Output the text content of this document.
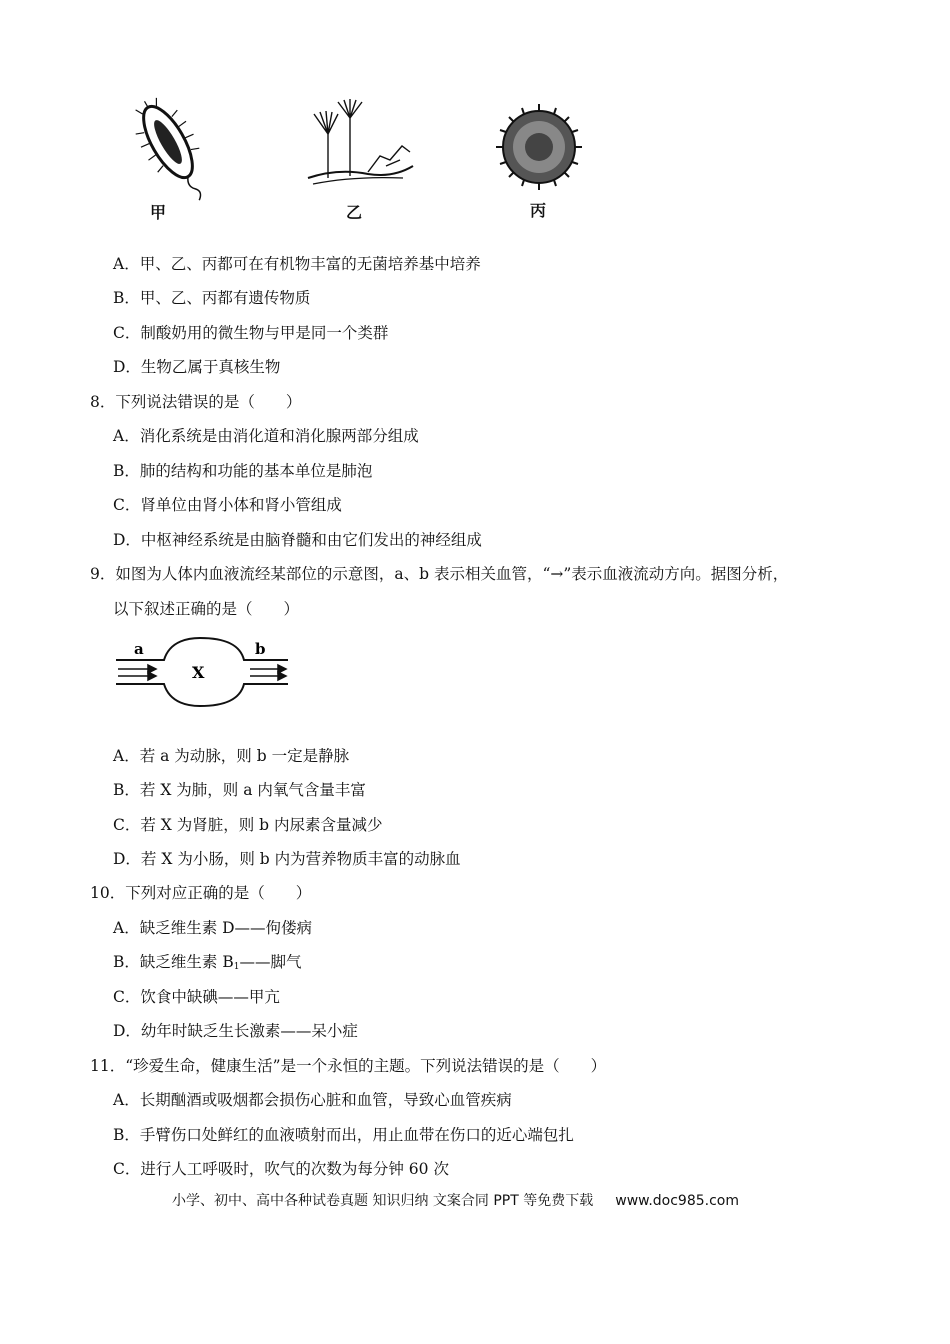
甲	乙	丙
A．甲、乙、丙都可在有机物丰富的无菌培养基中培养
B．甲、乙、丙都有遗传物质
C．制酸奶用的微生物与甲是同一个类群
D．生物乙属于真核生物
8．下列说法错误的是（　　）
A．消化系统是由消化道和消化腺两部分组成
B．肺的结构和功能的基本单位是肺泡
C．肾单位由肾小体和肾小管组成
D．中枢神经系统是由脑脊髓和由它们发出的神经组成
9．如图为人体内血液流经某部位的示意图，a、b 表示相关血管，“→”表示血液流动方向。据图分析，
以下叙述正确的是（　　）
a	b
X
A．若 a 为动脉，则 b 一定是静脉
B．若 X 为肺，则 a 内氧气含量丰富
C．若 X 为肾脏，则 b 内尿素含量减少
D．若 X 为小肠，则 b 内为营养物质丰富的动脉血
10．下列对应正确的是（　　）
A．缺乏维生素 D——佝偻病
B．缺乏维生素 $B_1——$脚气
C．饮食中缺碘——甲亢
D．幼年时缺乏生长激素——呆小症
11．“珍爱生命，健康生活”是一个永恒的主题。下列说法错误的是（　　）
A．长期酗酒或吸烟都会损伤心脏和血管，导致心血管疾病
B．手臂伤口处鲜红的血液喷射而出，用止血带在伤口的近心端包扎
C．进行人工呼吸时，吹气的次数为每分钟 60 次
小学、初中、高中各种试卷真题 知识归纳 文案合同 PPT 等免费下载 www.doc985.com
